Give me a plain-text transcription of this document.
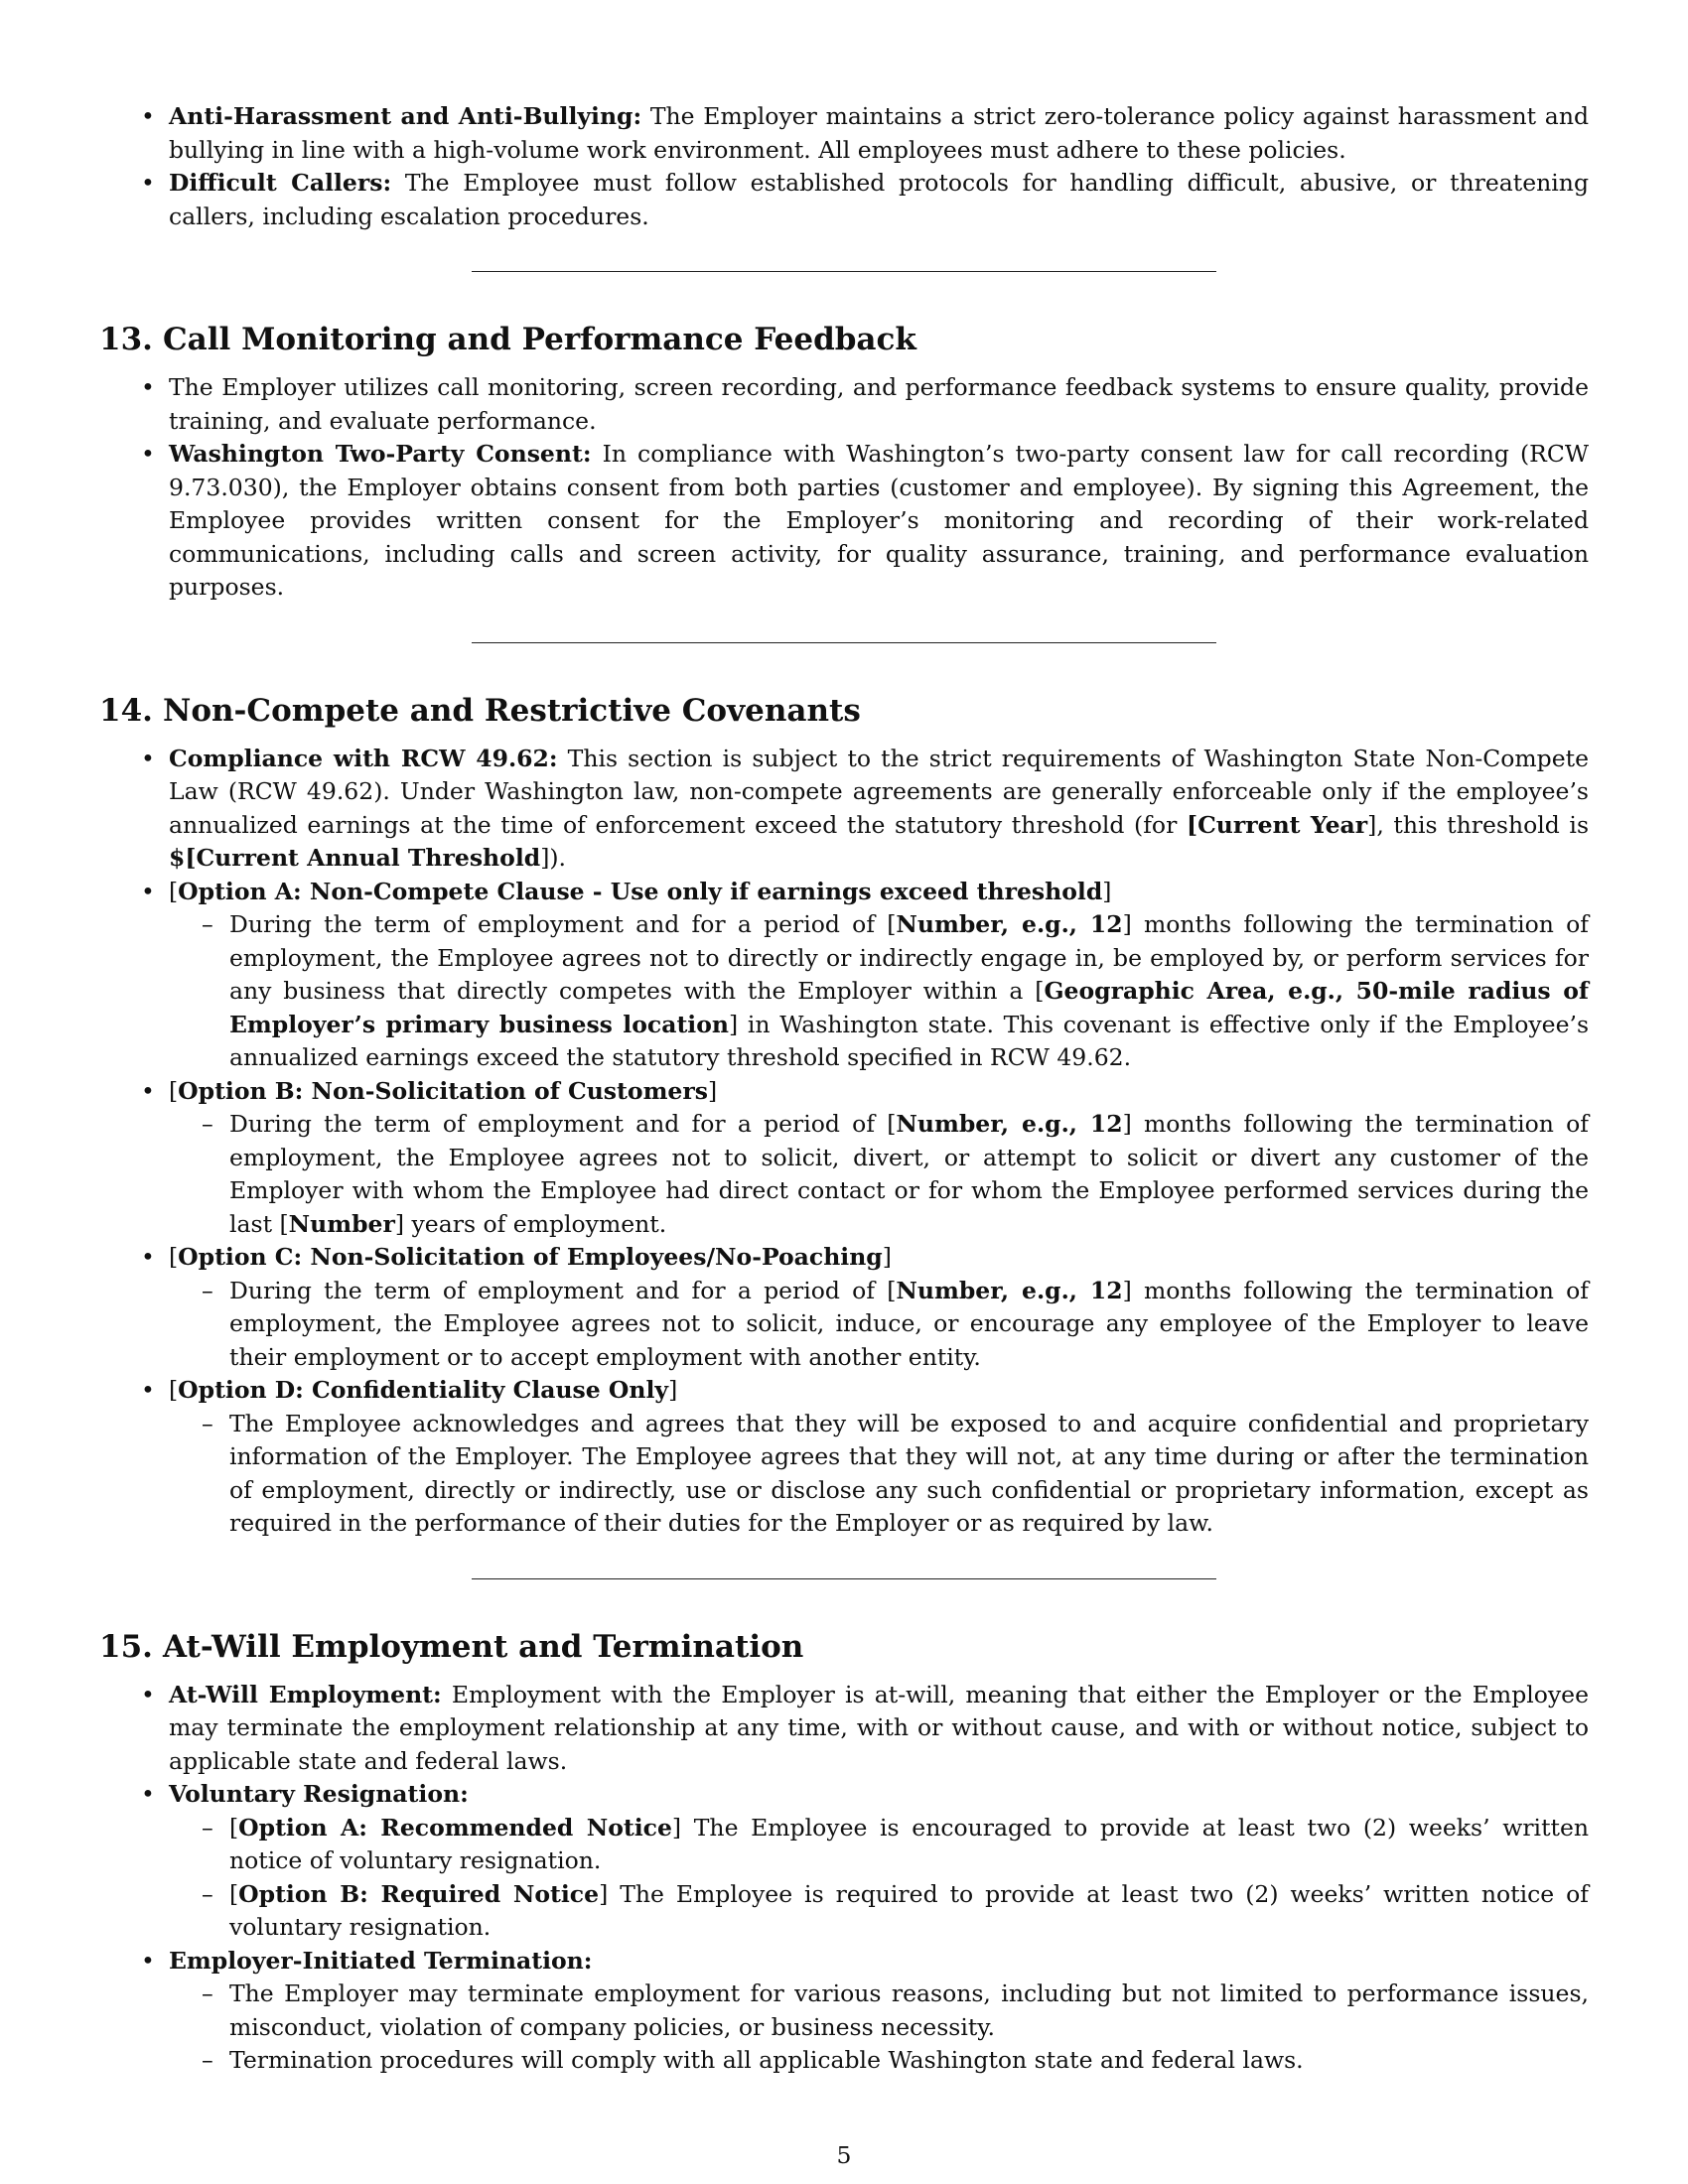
• Anti-Harassment and Anti-Bullying: The Employer maintains a strict zero-tolerance policy against harassment and bullying in line with a high-volume work environment. All employees must adhere to these policies.
• Difficult Callers: The Employee must follow established protocols for handling difficult, abusive, or threatening callers, including escalation procedures.
13. Call Monitoring and Performance Feedback
• The Employer utilizes call monitoring, screen recording, and performance feedback systems to ensure quality, provide training, and evaluate performance.
• Washington Two-Party Consent: In compliance with Washington’s two-party consent law for call recording (RCW 9.73.030), the Employer obtains consent from both parties (customer and employee). By signing this Agreement, the Employee provides written consent for the Employer’s monitoring and recording of their work-related communications, including calls and screen activity, for quality assurance, training, and performance evaluation purposes.
14. Non-Compete and Restrictive Covenants
• Compliance with RCW 49.62: This section is subject to the strict requirements of Washington State Non-Compete Law (RCW 49.62). Under Washington law, non-compete agreements are generally enforceable only if the employee’s annualized earnings at the time of enforcement exceed the statutory threshold (for [Current Year], this threshold is $[Current Annual Threshold]).
• [Option A: Non-Compete Clause - Use only if earnings exceed threshold]
– During the term of employment and for a period of [Number, e.g., 12] months following the termination of employment, the Employee agrees not to directly or indirectly engage in, be employed by, or perform services for any business that directly competes with the Employer within a [Geographic Area, e.g., 50-mile radius of Employer’s primary business location] in Washington state. This covenant is effective only if the Employee’s annualized earnings exceed the statutory threshold specified in RCW 49.62.
• [Option B: Non-Solicitation of Customers]
– During the term of employment and for a period of [Number, e.g., 12] months following the termination of employment, the Employee agrees not to solicit, divert, or attempt to solicit or divert any customer of the Employer with whom the Employee had direct contact or for whom the Employee performed services during the last [Number] years of employment.
• [Option C: Non-Solicitation of Employees/No-Poaching]
– During the term of employment and for a period of [Number, e.g., 12] months following the termination of employment, the Employee agrees not to solicit, induce, or encourage any employee of the Employer to leave their employment or to accept employment with another entity.
• [Option D: Confidentiality Clause Only]
– The Employee acknowledges and agrees that they will be exposed to and acquire confidential and proprietary information of the Employer. The Employee agrees that they will not, at any time during or after the termination of employment, directly or indirectly, use or disclose any such confidential or proprietary information, except as required in the performance of their duties for the Employer or as required by law.
15. At-Will Employment and Termination
• At-Will Employment: Employment with the Employer is at-will, meaning that either the Employer or the Employee may terminate the employment relationship at any time, with or without cause, and with or without notice, subject to applicable state and federal laws.
• Voluntary Resignation:
– [Option A: Recommended Notice] The Employee is encouraged to provide at least two (2) weeks’ written notice of voluntary resignation.
– [Option B: Required Notice] The Employee is required to provide at least two (2) weeks’ written notice of voluntary resignation.
• Employer-Initiated Termination:
– The Employer may terminate employment for various reasons, including but not limited to performance issues, misconduct, violation of company policies, or business necessity.
– Termination procedures will comply with all applicable Washington state and federal laws.
5
